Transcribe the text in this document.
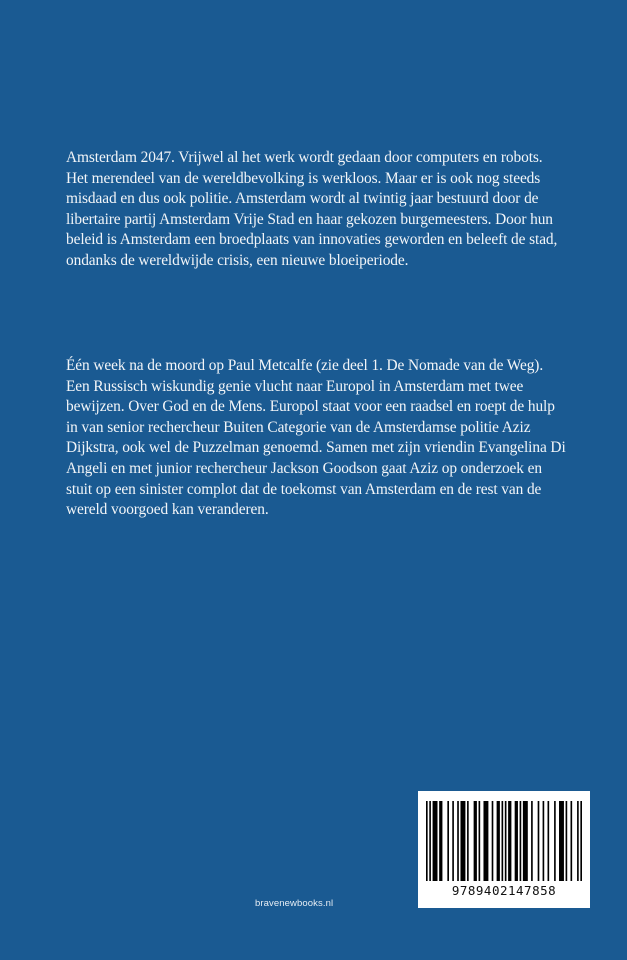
Amsterdam 2047. Vrijwel al het werk wordt gedaan door computers en robots. Het merendeel van de wereldbevolking is werkloos. Maar er is ook nog steeds misdaad en dus ook politie. Amsterdam wordt al twintig jaar bestuurd door de libertaire partij Amsterdam Vrije Stad en haar gekozen burgemeesters. Door hun beleid is Amsterdam een broedplaats van innovaties geworden en beleeft de stad, ondanks de wereldwijde crisis, een nieuwe bloeiperiode.

Één week na de moord op Paul Metcalfe (zie deel 1. De Nomade van de Weg). Een Russisch wiskundig genie vlucht naar Europol in Amsterdam met twee bewijzen. Over God en de Mens. Europol staat voor een raadsel en roept de hulp in van senior rechercheur Buiten Categorie van de Amsterdamse politie Aziz Dijkstra, ook wel de Puzzelman genoemd. Samen met zijn vriendin Evangelina Di Angeli en met junior rechercheur Jackson Goodson gaat Aziz op onderzoek en stuit op een sinister complot dat de toekomst van Amsterdam en de rest van de wereld voorgoed kan veranderen.

bravenewbooks.nl
9789402147858
